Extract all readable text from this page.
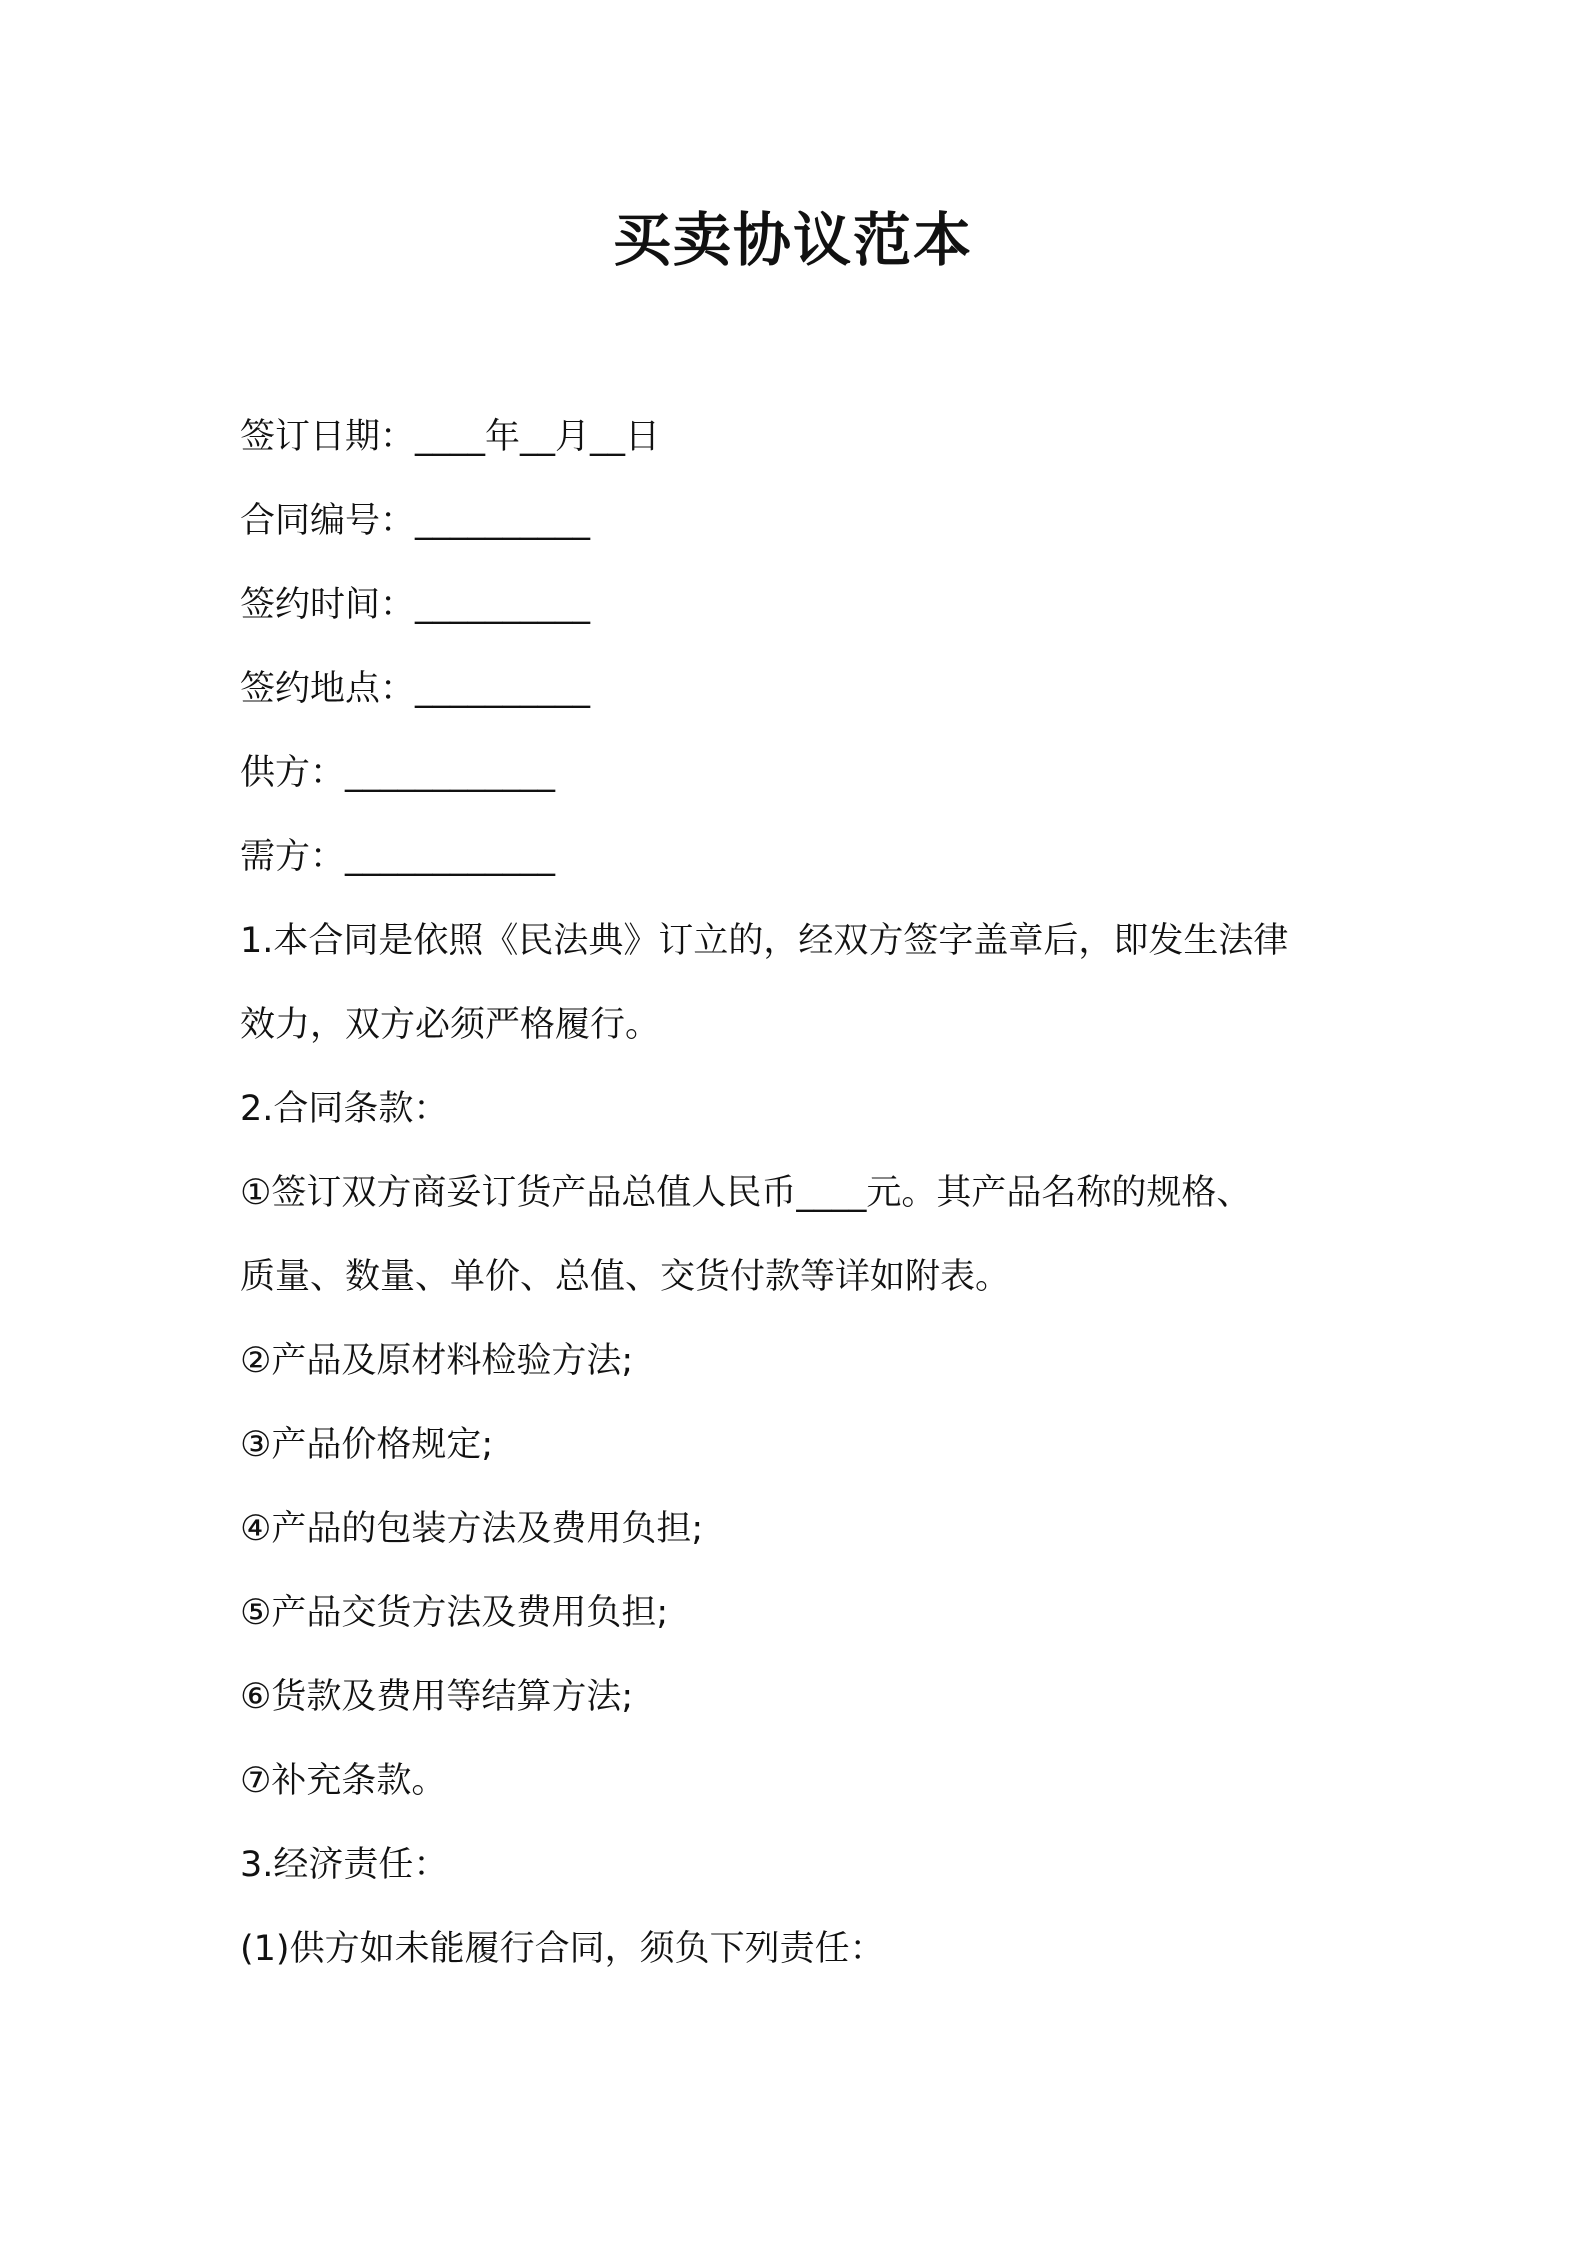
买卖协议范本
签订日期：____年__月__日
合同编号：__________
签约时间：__________
签约地点：__________
供方：____________
需方：____________
1.本合同是依照《民法典》订立的，经双方签字盖章后，即发生法律
效力，双方必须严格履行。
2.合同条款：
①签订双方商妥订货产品总值人民币____元。其产品名称的规格、
质量、数量、单价、总值、交货付款等详如附表。
②产品及原材料检验方法;
③产品价格规定;
④产品的包装方法及费用负担;
⑤产品交货方法及费用负担;
⑥货款及费用等结算方法;
⑦补充条款。
3.经济责任：
(1)供方如未能履行合同，须负下列责任：
